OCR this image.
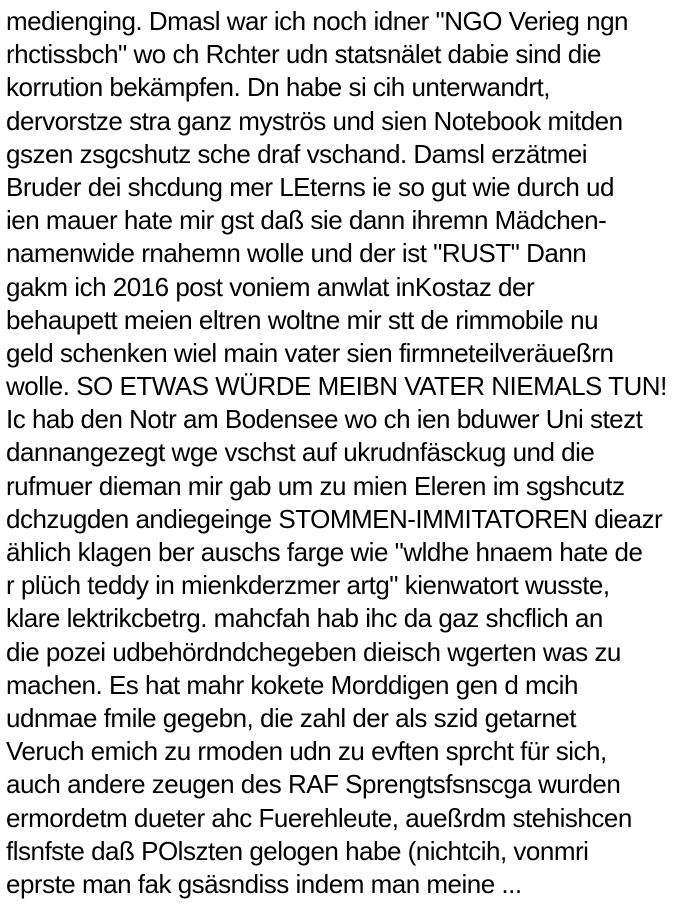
medienging. Dmasl war ich noch idner "NGO Verieg ngn
rhctissbch" wo ch Rchter udn statsnälet dabie sind die
korrution bekämpfen. Dn habe si cih unterwandrt,
dervorstze stra ganz myströs und sien Notebook mitden
gszen zsgcshutz sche draf vschand. Damsl erzätmei
Bruder dei shcdung mer LEterns ie so gut wie durch ud
ien mauer hate mir gst daß sie dann ihremn Mädchen-
namenwide rnahemn wolle und der ist "RUST" Dann
gakm ich 2016 post voniem anwlat inKostaz der
behaupett meien eltren woltne mir stt de rimmobile nu
geld schenken wiel main vater sien firmneteilveräueßrn
wolle. SO ETWAS WÜRDE MEIBN VATER NIEMALS TUN!
Ic hab den Notr am Bodensee wo ch ien bduwer Uni stezt
dannangezegt wge vschst auf ukrudnfäsckug und die
rufmuer dieman mir gab um zu mien Eleren im sgshcutz
dchzugden andiegeinge STOMMEN-IMMITATOREN dieazr
ählich klagen ber auschs farge wie "wldhe hnaem hate de
r plüch teddy in mienkderzmer artg" kienwatort wusste,
klare lektrikcbetrg. mahcfah hab ihc da gaz shcflich an
die pozei udbehördndchegeben dieisch wgerten was zu
machen. Es hat mahr kokete Morddigen gen d mcih
udnmae fmile gegebn, die zahl der als szid getarnet
Veruch emich zu rmoden udn zu evften sprcht für sich,
auch andere zeugen des RAF Sprengtsfsnscga wurden
ermordetm dueter ahc Fuerehleute, aueßrdm stehishcen
flsnfste daß POlszten gelogen habe (nichtcih, vonmri
eprste man fak gsäsndiss indem man meine ...
